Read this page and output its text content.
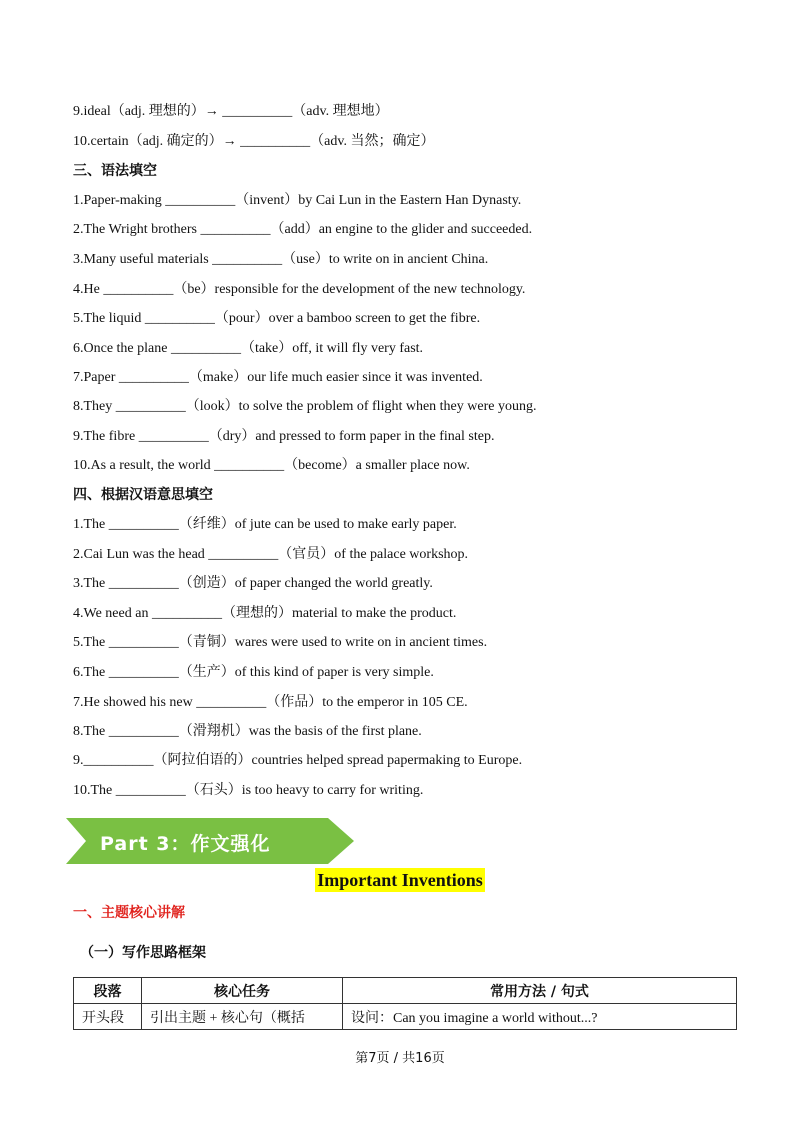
9.ideal（adj. 理想的）→ __________（adv. 理想地）
10.certain（adj. 确定的）→ __________（adv. 当然；确定）
三、语法填空
1.Paper-making __________（invent）by Cai Lun in the Eastern Han Dynasty.
2.The Wright brothers __________（add）an engine to the glider and succeeded.
3.Many useful materials __________（use）to write on in ancient China.
4.He __________（be）responsible for the development of the new technology.
5.The liquid __________（pour）over a bamboo screen to get the fibre.
6.Once the plane __________（take）off, it will fly very fast.
7.Paper __________（make）our life much easier since it was invented.
8.They __________（look）to solve the problem of flight when they were young.
9.The fibre __________（dry）and pressed to form paper in the final step.
10.As a result, the world __________（become）a smaller place now.
四、根据汉语意思填空
1.The __________（纤维）of jute can be used to make early paper.
2.Cai Lun was the head __________（官员）of the palace workshop.
3.The __________（创造）of paper changed the world greatly.
4.We need an __________（理想的）material to make the product.
5.The __________（青铜）wares were used to write on in ancient times.
6.The __________（生产）of this kind of paper is very simple.
7.He showed his new __________（作品）to the emperor in 105 CE.
8.The __________（滑翔机）was the basis of the first plane.
9.__________（阿拉伯语的）countries helped spread papermaking to Europe.
10.The __________（石头）is too heavy to carry for writing.
Part 3：作文强化
Important Inventions
一、主题核心讲解
（一）写作思路框架
段落	核心任务	常用方法 / 句式
开头段	引出主题 + 核心句（概括	设问：Can you imagine a world without...?
第7页 / 共16页
